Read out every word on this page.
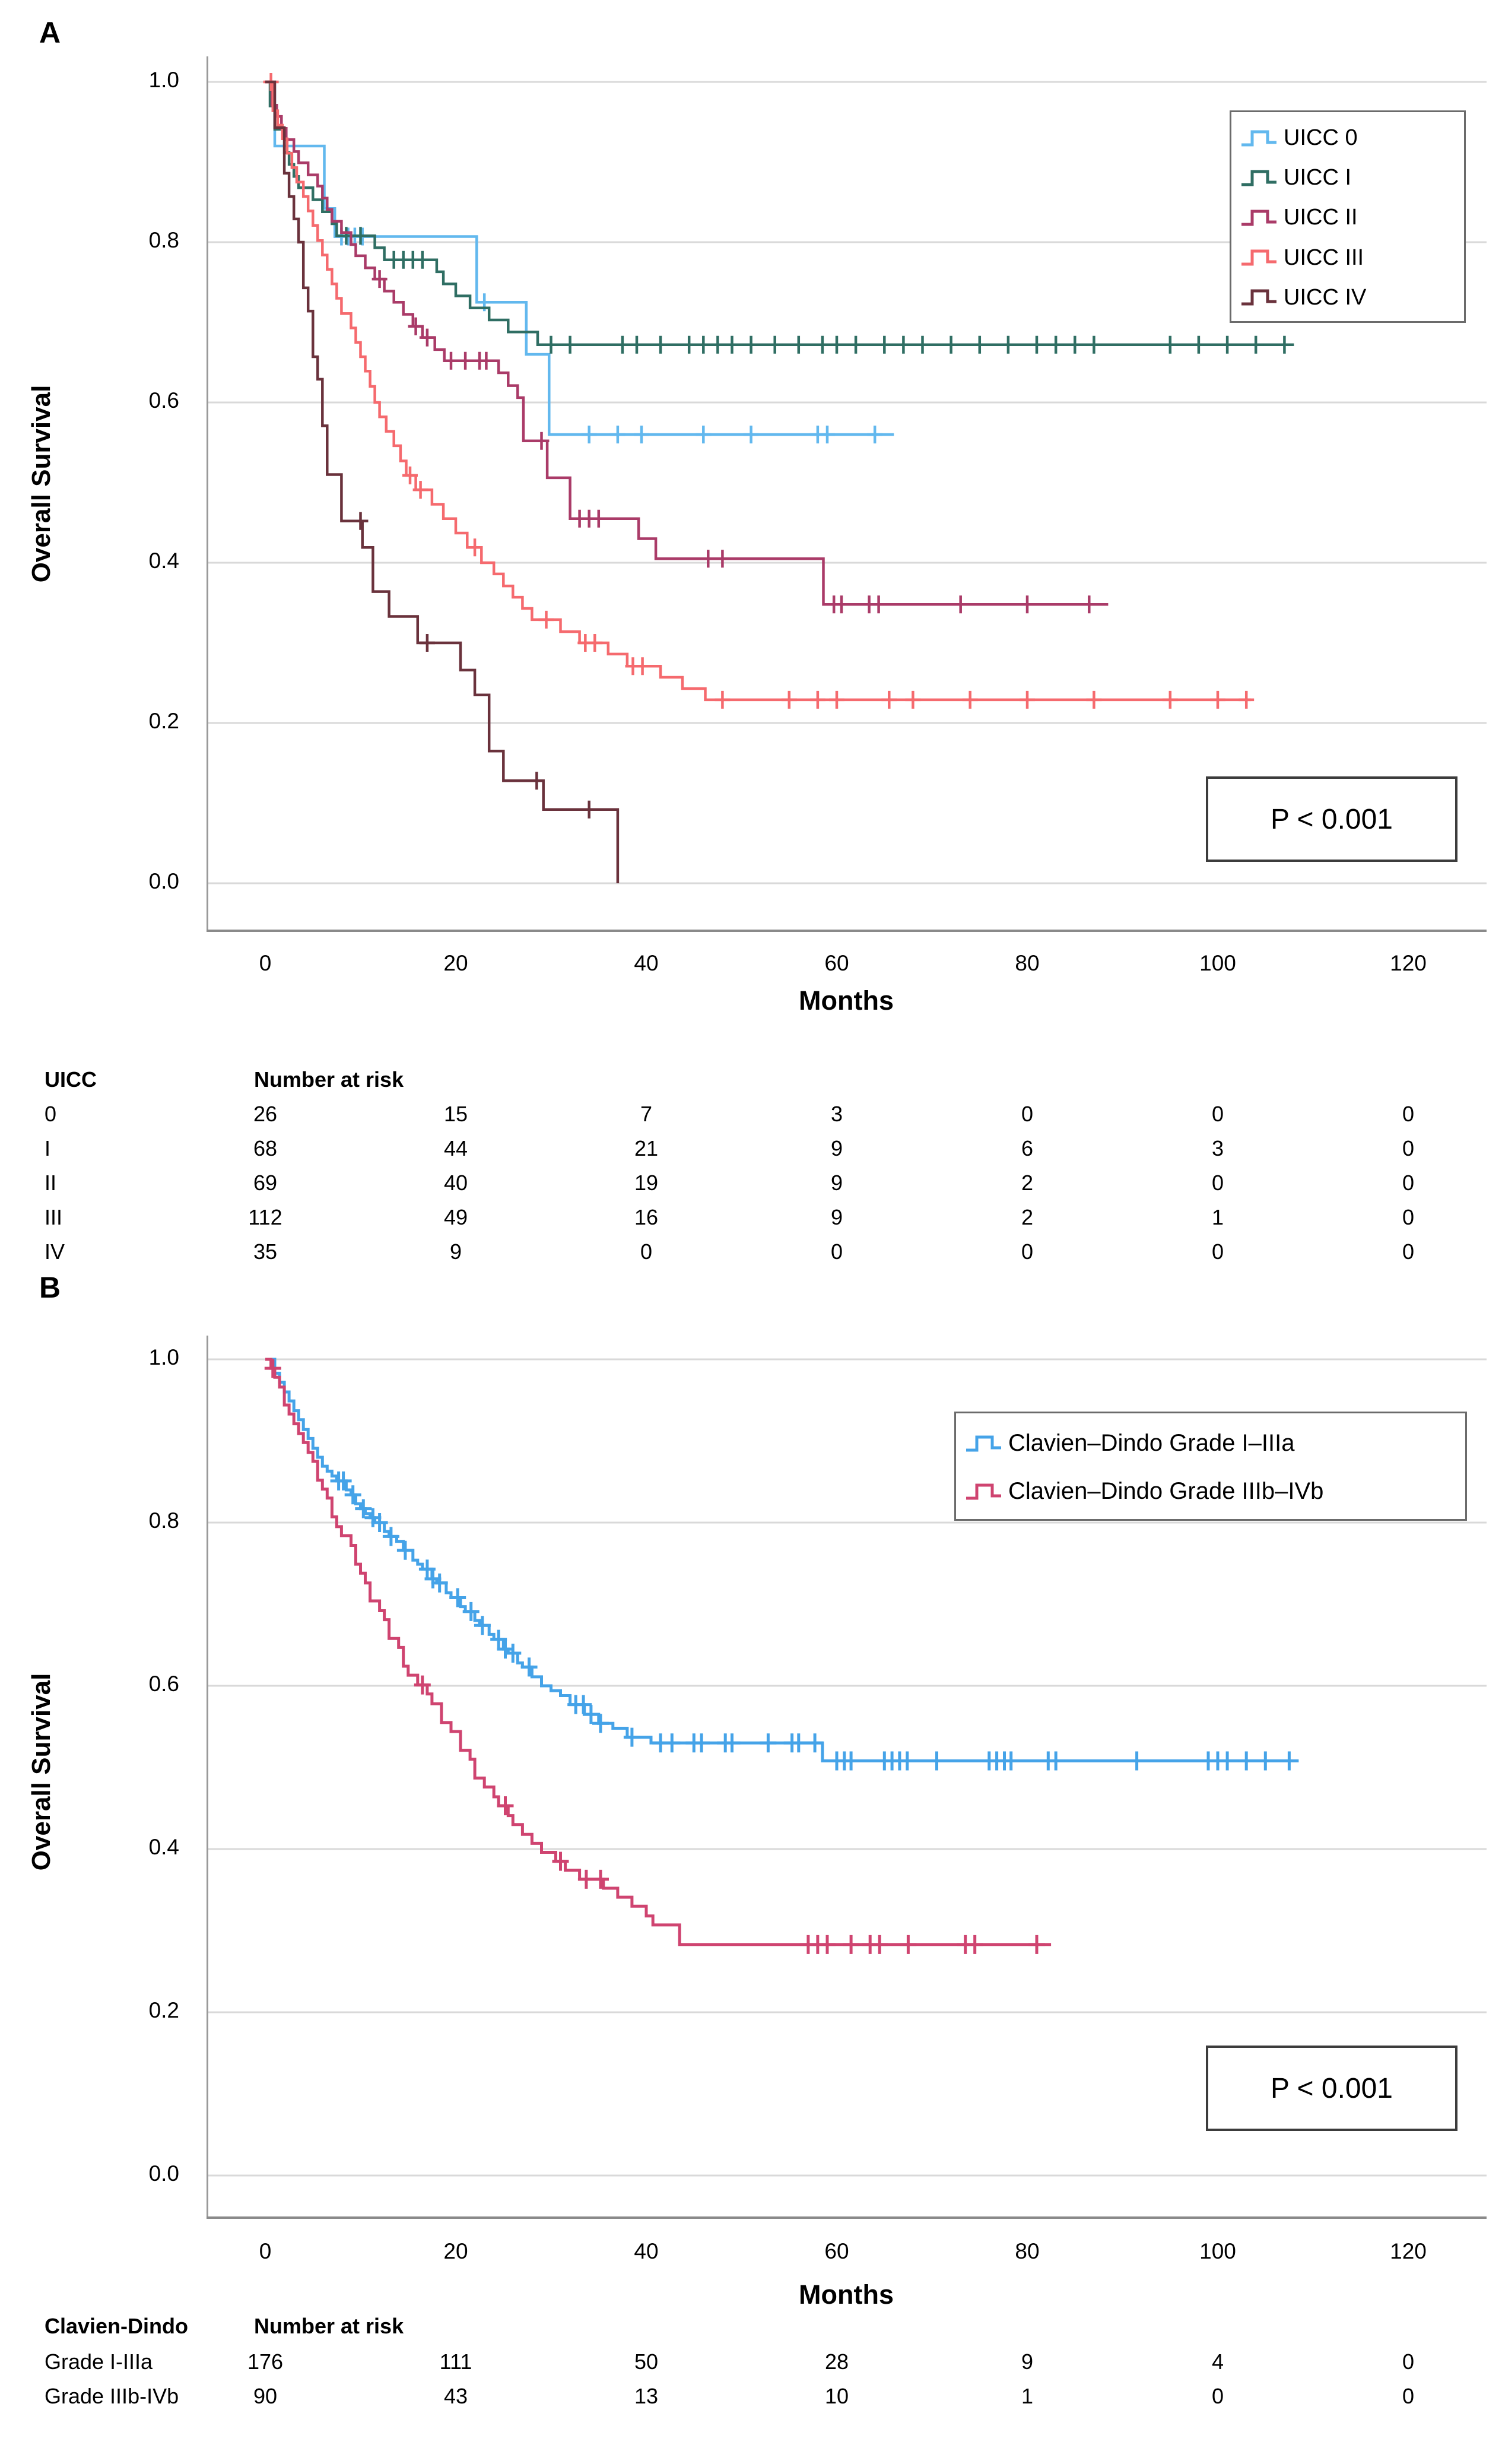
A
Overall Survival
1.0
0.8
0.6
0.4
0.2
0.0
0	20	40	60	80	100	120
Months
UICC 0
UICC I
UICC II
UICC III
UICC IV
P < 0.001
UICC	Number at risk
0	26	15	7	3	0	0	0
I	68	44	21	9	6	3	0
II	69	40	19	9	2	0	0
III	112	49	16	9	2	1	0
IV	35	9	0	0	0	0	0
B
Overall Survival
1.0
0.8
0.6
0.4
0.2
0.0
0	20	40	60	80	100	120
Months
Clavien–Dindo Grade I–IIIa
Clavien–Dindo Grade IIIb–IVb
P < 0.001
Clavien-Dindo	Number at risk
Grade I-IIIa	176	111	50	28	9	4	0
Grade IIIb-IVb	90	43	13	10	1	0	0
